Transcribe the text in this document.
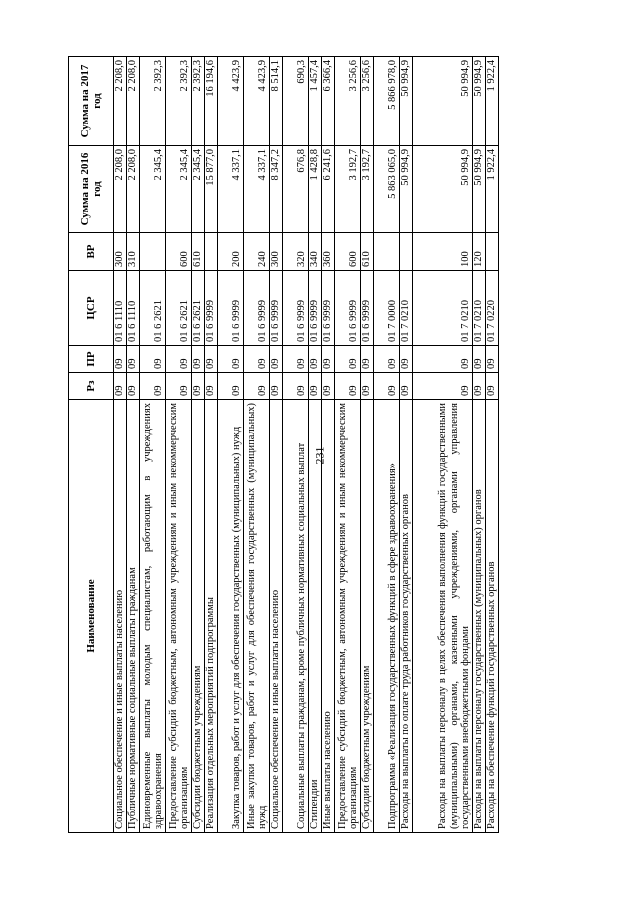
231
Наименование	Рз	ПР	ЦСР	ВР	Сумма на 2016 год	Сумма на 2017 год
Социальное обеспечение и иные выплаты населению	09	09	01 6 1110	300	2 208,0	2 208,0
Публичные нормативные социальные выплаты гражданам	09	09	01 6 1110	310	2 208,0	2 208,0
Единовременные выплаты молодым специалистам, работающим в учреждениях здравоохранения	09	09	01 6 2621		2 345,4	2 392,3
Предоставление субсидий бюджетным, автономным учреждениям и иным некоммерческим организациям	09	09	01 6 2621	600	2 345,4	2 392,3
Субсидии бюджетным учреждениям	09	09	01 6 2621	610	2 345,4	2 392,3
Реализация отдельных мероприятий подпрограммы	09	09	01 6 9999		15 877,0	16 194,6
Закупка товаров, работ и услуг для обеспечения государственных (муниципальных) нужд	09	09	01 6 9999	200	4 337,1	4 423,9
Иные закупки товаров, работ и услуг для обеспечения государственных (муниципальных) нужд	09	09	01 6 9999	240	4 337,1	4 423,9
Социальное обеспечение и иные выплаты населению	09	09	01 6 9999	300	8 347,2	8 514,1
Социальные выплаты гражданам, кроме публичных нормативных социальных выплат	09	09	01 6 9999	320	676,8	690,3
Стипендии	09	09	01 6 9999	340	1 428,8	1 457,4
Иные выплаты населению	09	09	01 6 9999	360	6 241,6	6 366,4
Предоставление субсидий бюджетным, автономным учреждениям и иным некоммерческим организациям	09	09	01 6 9999	600	3 192,7	3 256,6
Субсидии бюджетным учреждениям	09	09	01 6 9999	610	3 192,7	3 256,6
Подпрограмма «Реализация государственных функций в сфере здравоохранения»	09	09	01 7 0000		5 863 065,0	5 866 978,0
Расходы на выплаты по оплате труда работников государственных органов	09	09	01 7 0210		50 994,9	50 994,9
Расходы на выплаты персоналу в целях обеспечения выполнения функций государственными (муниципальными) органами, казенными учреждениями, органами управления государственными внебюджетными фондами	09	09	01 7 0210	100	50 994,9	50 994,9
Расходы на выплаты персоналу государственных (муниципальных) органов	09	09	01 7 0210	120	50 994,9	50 994,9
Расходы на обеспечение функций государственных органов	09	09	01 7 0220		1 922,4	1 922,4
